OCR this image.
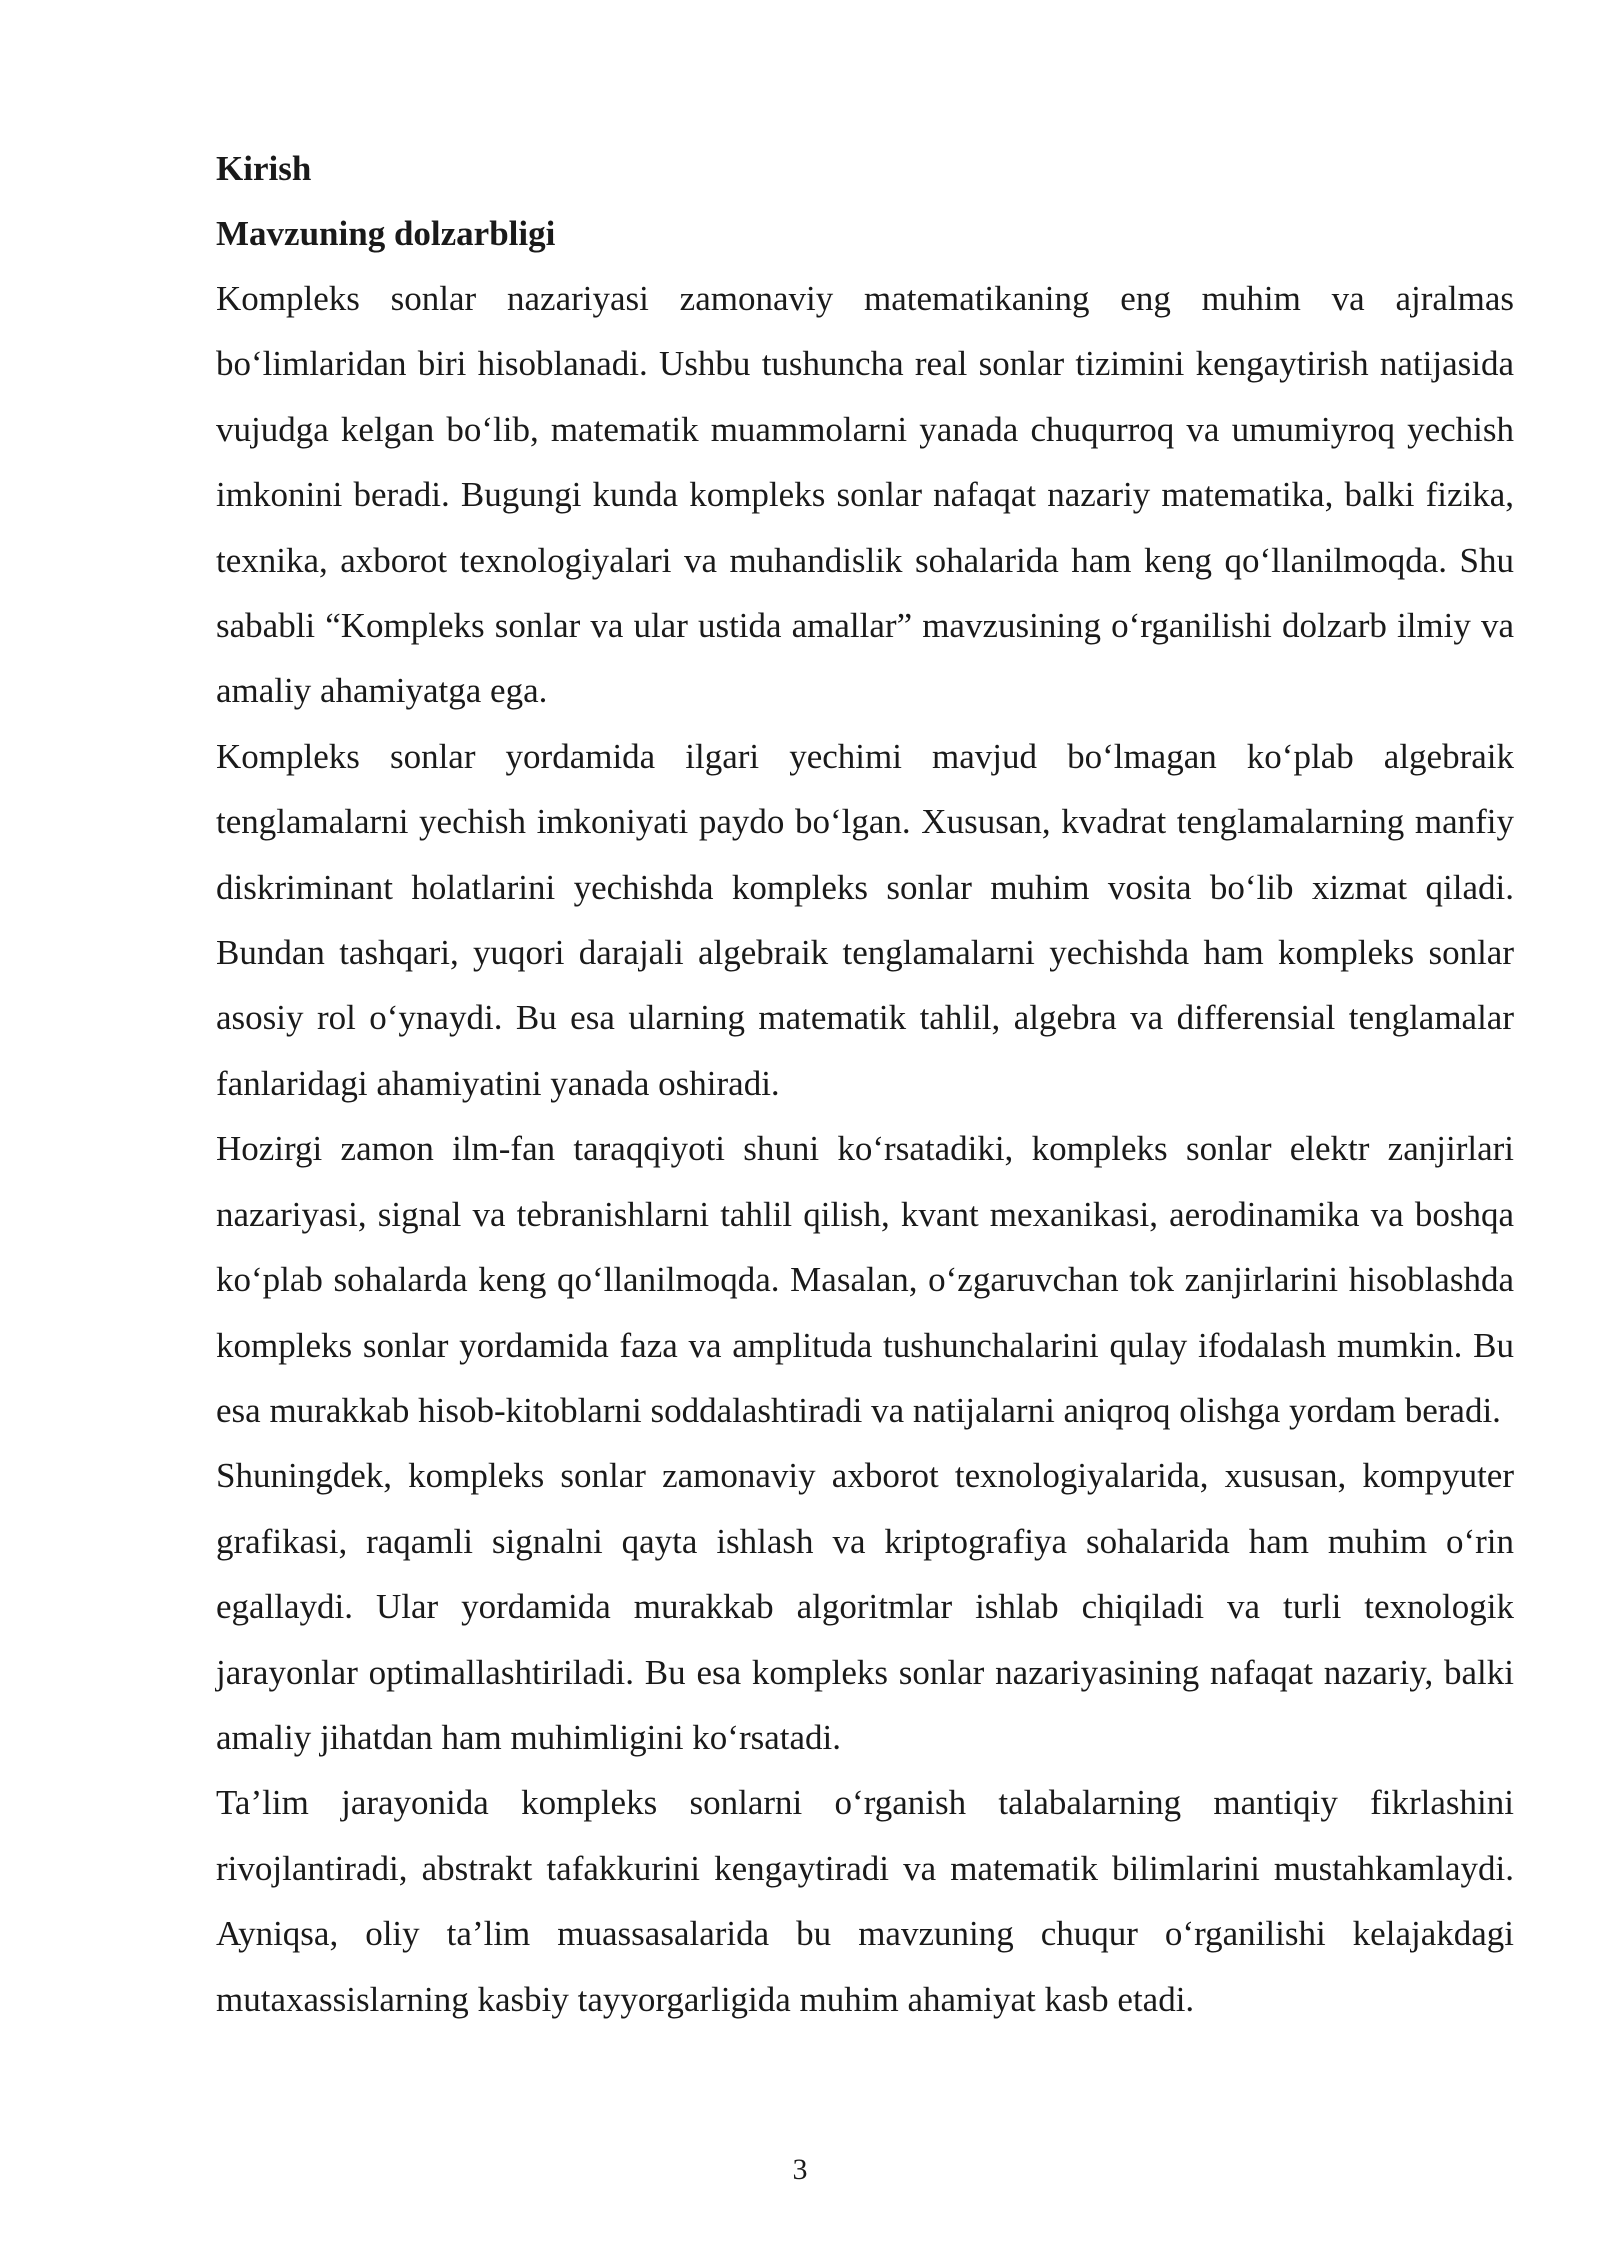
Kirish
Mavzuning dolzarbligi

Kompleks sonlar nazariyasi zamonaviy matematikaning eng muhim va ajralmas bo‘limlaridan biri hisoblanadi. Ushbu tushuncha real sonlar tizimini kengaytirish natijasida vujudga kelgan bo‘lib, matematik muammolarni yanada chuqurroq va umumiyroq yechish imkonini beradi. Bugungi kunda kompleks sonlar nafaqat nazariy matematika, balki fizika, texnika, axborot texnologiyalari va muhandislik sohalarida ham keng qo‘llanilmoqda. Shu sababli “Kompleks sonlar va ular ustida amallar” mavzusining o‘rganilishi dolzarb ilmiy va amaliy ahamiyatga ega.

Kompleks sonlar yordamida ilgari yechimi mavjud bo‘lmagan ko‘plab algebraik tenglamalarni yechish imkoniyati paydo bo‘lgan. Xususan, kvadrat tenglamalarning manfiy diskriminant holatlarini yechishda kompleks sonlar muhim vosita bo‘lib xizmat qiladi. Bundan tashqari, yuqori darajali algebraik tenglamalarni yechishda ham kompleks sonlar asosiy rol o‘ynaydi. Bu esa ularning matematik tahlil, algebra va differensial tenglamalar fanlaridagi ahamiyatini yanada oshiradi.

Hozirgi zamon ilm-fan taraqqiyoti shuni ko‘rsatadiki, kompleks sonlar elektr zanjirlari nazariyasi, signal va tebranishlarni tahlil qilish, kvant mexanikasi, aerodinamika va boshqa ko‘plab sohalarda keng qo‘llanilmoqda. Masalan, o‘zgaruvchan tok zanjirlarini hisoblashda kompleks sonlar yordamida faza va amplituda tushunchalarini qulay ifodalash mumkin. Bu esa murakkab hisob-kitoblarni soddalashtiradi va natijalarni aniqroq olishga yordam beradi.

Shuningdek, kompleks sonlar zamonaviy axborot texnologiyalarida, xususan, kompyuter grafikasi, raqamli signalni qayta ishlash va kriptografiya sohalarida ham muhim o‘rin egallaydi. Ular yordamida murakkab algoritmlar ishlab chiqiladi va turli texnologik jarayonlar optimallashtiriladi. Bu esa kompleks sonlar nazariyasining nafaqat nazariy, balki amaliy jihatdan ham muhimligini ko‘rsatadi.

Ta’lim jarayonida kompleks sonlarni o‘rganish talabalarning mantiqiy fikrlashini rivojlantiradi, abstrakt tafakkurini kengaytiradi va matematik bilimlarini mustahkamlaydi. Ayniqsa, oliy ta’lim muassasalarida bu mavzuning chuqur o‘rganilishi kelajakdagi mutaxassislarning kasbiy tayyorgarligida muhim ahamiyat kasb etadi.

3
